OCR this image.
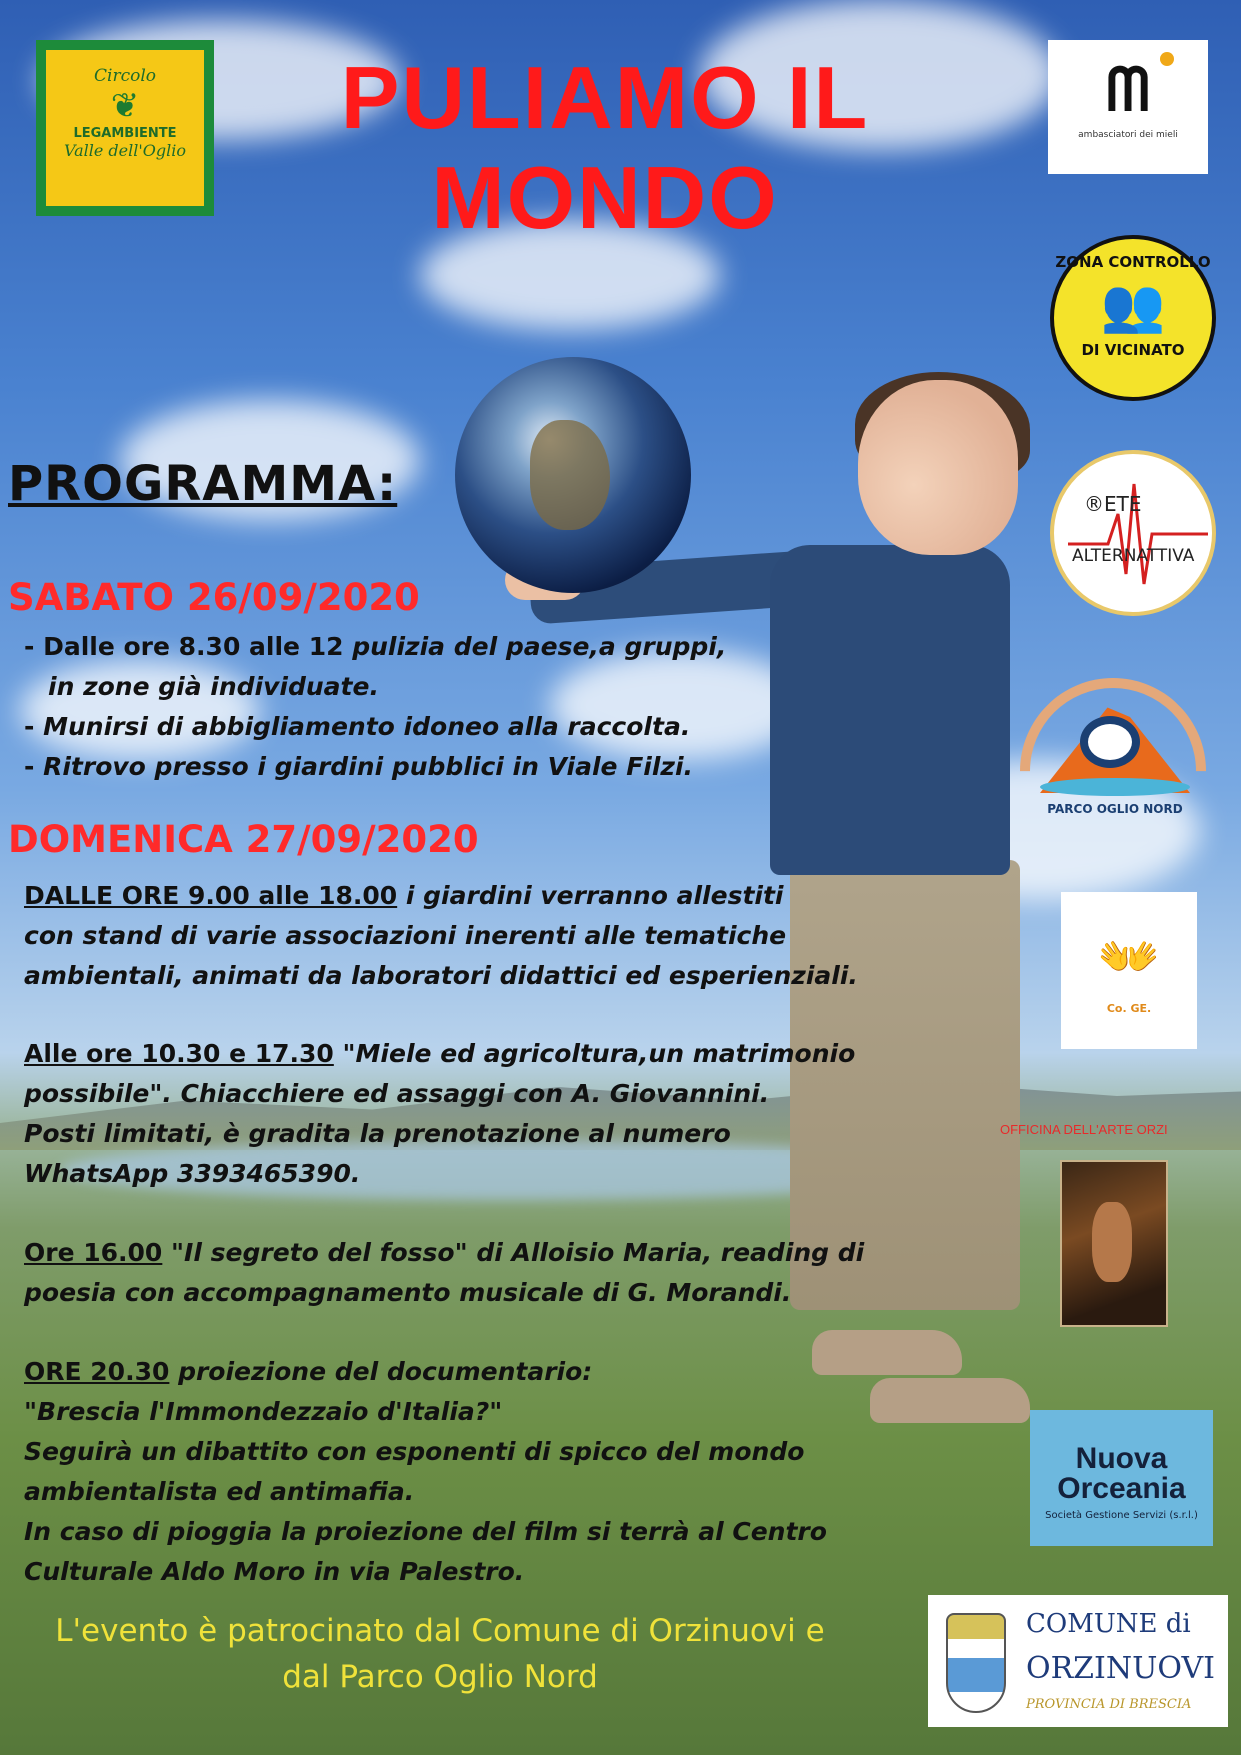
PULIAMO IL
MONDO
PROGRAMMA:
SABATO 26/09/2020
- Dalle ore 8.30 alle 12 pulizia del paese,a gruppi,
in zone già individuate.
- Munirsi di abbigliamento idoneo alla raccolta.
- Ritrovo presso i giardini pubblici in Viale Filzi.
DOMENICA 27/09/2020
DALLE ORE 9.00 alle 18.00 i giardini verranno allestiti
con stand di varie associazioni inerenti alle tematiche
ambientali, animati da laboratori didattici ed esperienziali.
Alle ore 10.30 e 17.30 "Miele ed agricoltura,un matrimonio
possibile". Chiacchiere ed assaggi con A. Giovannini.
Posti limitati, è gradita la prenotazione al numero
WhatsApp 3393465390.
Ore 16.00 "Il segreto del fosso" di Alloisio Maria, reading di
poesia con accompagnamento musicale di G. Morandi.
ORE 20.30 proiezione del documentario:
"Brescia l'Immondezzaio d'Italia?"
Seguirà un dibattito con esponenti di spicco del mondo
ambientalista ed antimafia.
In caso di pioggia la proiezione del film si terrà al Centro
Culturale Aldo Moro in via Palestro.
L'evento è patrocinato dal Comune di Orzinuovi e
dal Parco Oglio Nord
Circolo
❦
LEGAMBIENTE
Valle dell'Oglio
ᗰ
ambasciatori dei mieli
ZONA CONTROLLO
👥
DI VICINATO
®ETE
ALTERNATTIVA
PARCO OGLIO NORD
👐
Co. GE.
OFFICINA DELL'ARTE ORZI
Nuova
Orceania
Società Gestione Servizi (s.r.l.)
COMUNE di
ORZINUOVI
PROVINCIA DI BRESCIA
